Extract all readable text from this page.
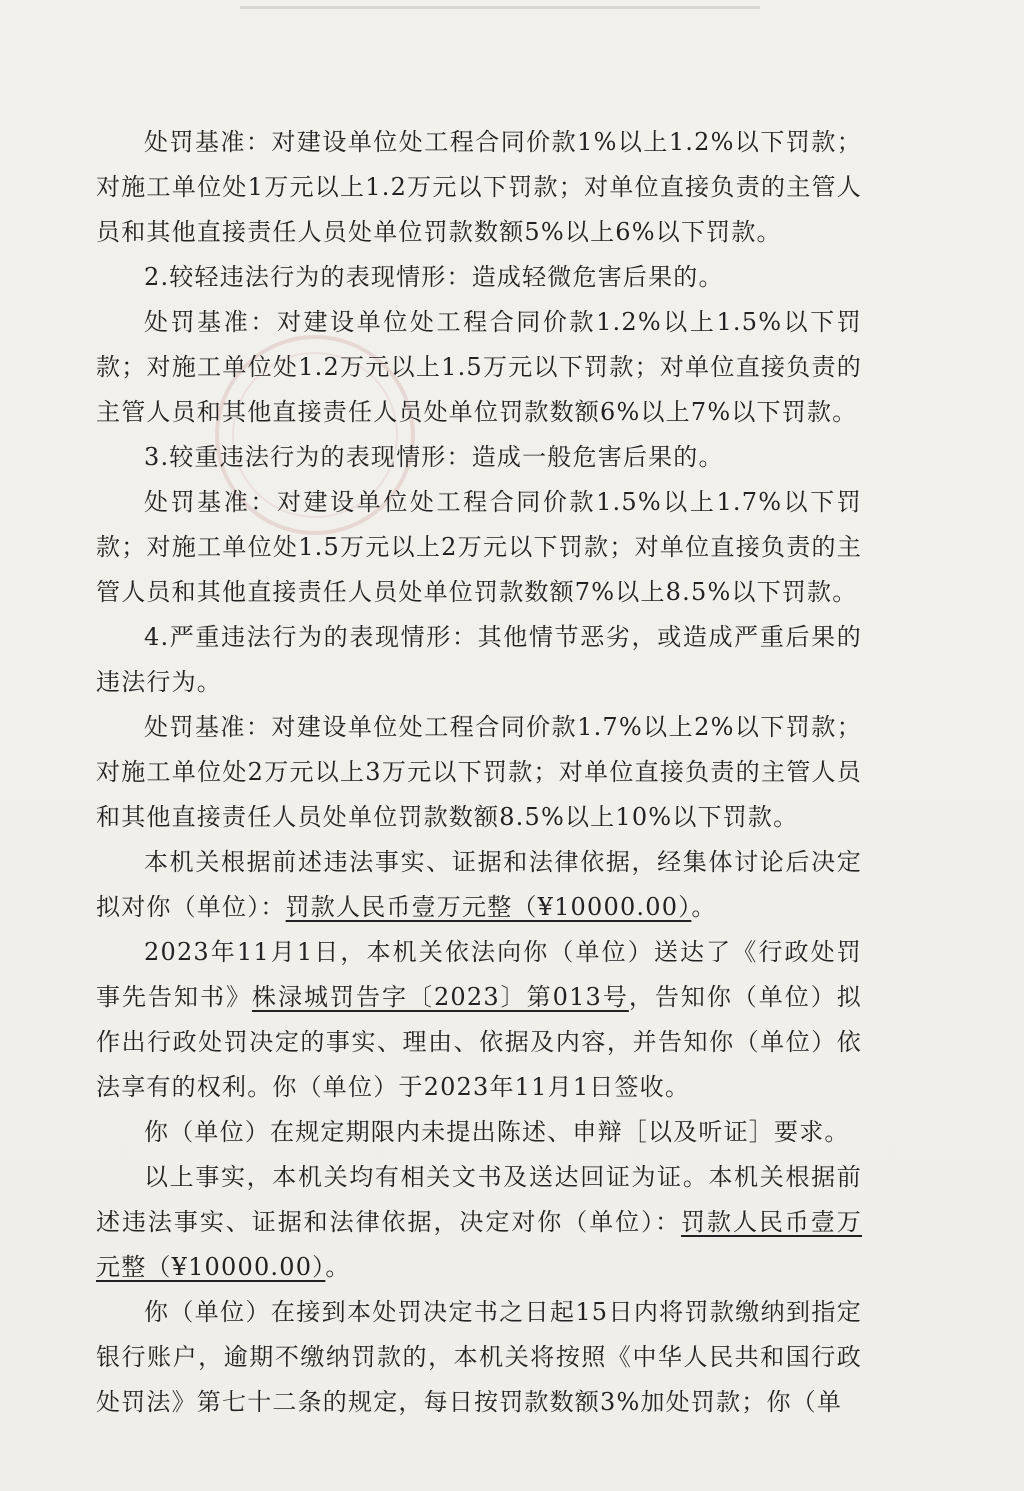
处罚基准：对建设单位处工程合同价款1%以上1.2%以下罚款；对施工单位处1万元以上1.2万元以下罚款；对单位直接负责的主管人员和其他直接责任人员处单位罚款数额5%以上6%以下罚款。

2.较轻违法行为的表现情形：造成轻微危害后果的。

处罚基准：对建设单位处工程合同价款1.2%以上1.5%以下罚款；对施工单位处1.2万元以上1.5万元以下罚款；对单位直接负责的主管人员和其他直接责任人员处单位罚款数额6%以上7%以下罚款。

3.较重违法行为的表现情形：造成一般危害后果的。

处罚基准：对建设单位处工程合同价款1.5%以上1.7%以下罚款；对施工单位处1.5万元以上2万元以下罚款；对单位直接负责的主管人员和其他直接责任人员处单位罚款数额7%以上8.5%以下罚款。

4.严重违法行为的表现情形：其他情节恶劣，或造成严重后果的违法行为。

处罚基准：对建设单位处工程合同价款1.7%以上2%以下罚款；对施工单位处2万元以上3万元以下罚款；对单位直接负责的主管人员和其他直接责任人员处单位罚款数额8.5%以上10%以下罚款。

本机关根据前述违法事实、证据和法律依据，经集体讨论后决定拟对你（单位）：罚款人民币壹万元整（¥10000.00）。

2023年11月1日，本机关依法向你（单位）送达了《行政处罚事先告知书》株渌城罚告字〔2023〕第013号，告知你（单位）拟作出行政处罚决定的事实、理由、依据及内容，并告知你（单位）依法享有的权利。你（单位）于2023年11月1日签收。

你（单位）在规定期限内未提出陈述、申辩［以及听证］要求。

以上事实，本机关均有相关文书及送达回证为证。本机关根据前述违法事实、证据和法律依据，决定对你（单位）：罚款人民币壹万元整（¥10000.00）。

你（单位）在接到本处罚决定书之日起15日内将罚款缴纳到指定银行账户，逾期不缴纳罚款的，本机关将按照《中华人民共和国行政处罚法》第七十二条的规定，每日按罚款数额3%加处罚款；你（单
